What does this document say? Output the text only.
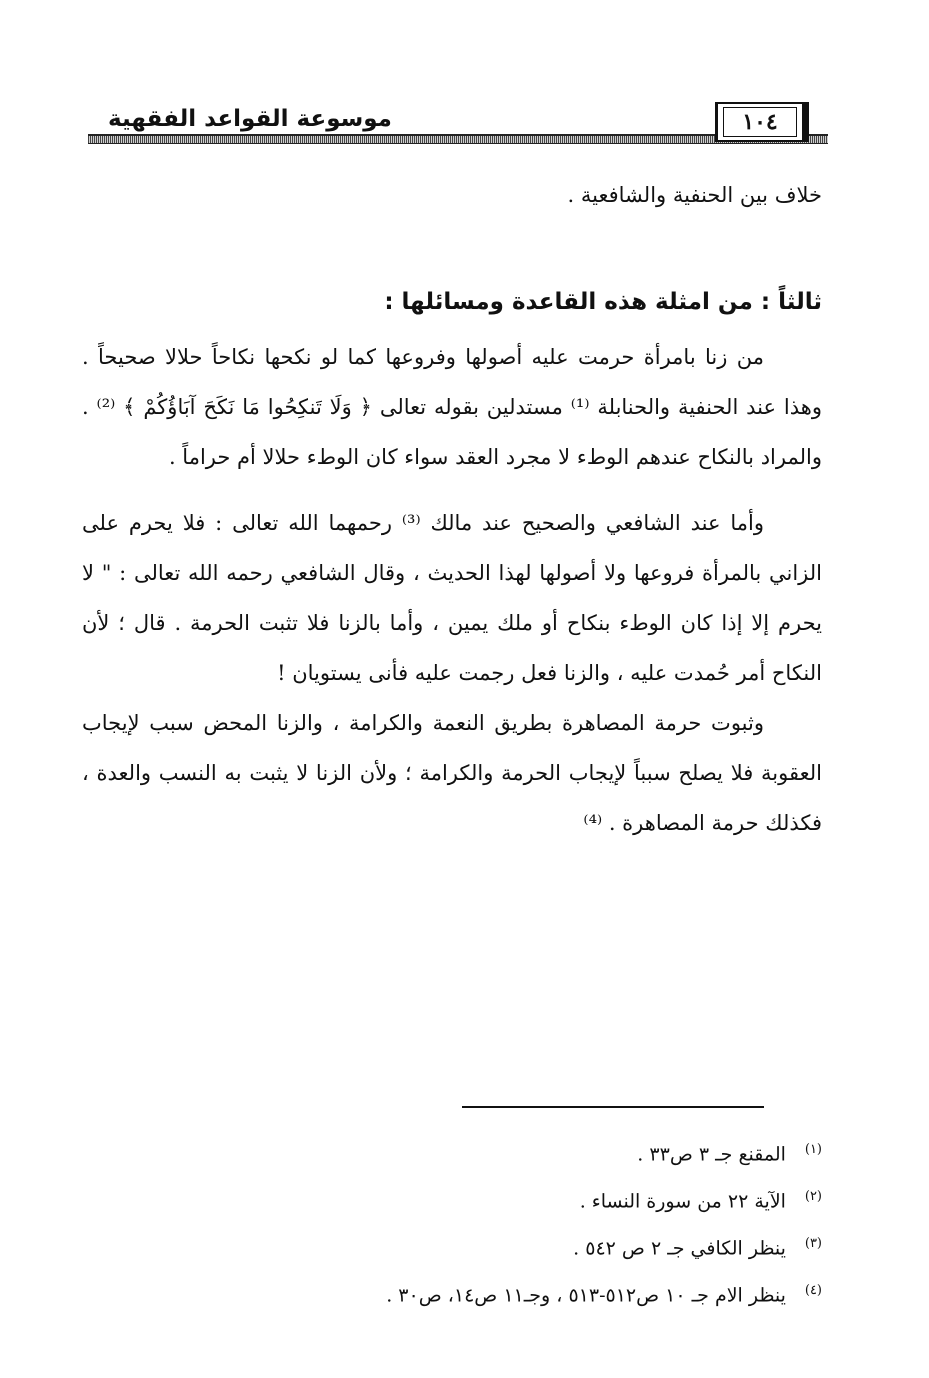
موسوعة القواعد الفقهية	١٠٤
خلاف بين الحنفية والشافعية .
ثالثاً : من امثلة هذه القاعدة ومسائلها :

من زنا بامرأة حرمت عليه أصولها وفروعها كما لو نكحها نكاحاً حلالا صحيحاً . وهذا عند الحنفية والحنابلة ⁽¹⁾ مستدلين بقوله تعالى ﴿ وَلَا تَنكِحُوا مَا نَكَحَ آبَاؤُكُمْ ﴾ ⁽²⁾ . والمراد بالنكاح عندهم الوطء لا مجرد العقد سواء كان الوطء حلالا أم حراماً .

وأما عند الشافعي والصحيح عند مالك ⁽³⁾ رحمهما الله تعالى : فلا يحرم على الزاني بالمرأة فروعها ولا أصولها لهذا الحديث ، وقال الشافعي رحمه الله تعالى : " لا يحرم إلا إذا كان الوطء بنكاح أو ملك يمين ، وأما بالزنا فلا تثبت الحرمة . قال ؛ لأن النكاح أمر حُمدت عليه ، والزنا فعل رجمت عليه فأنى يستويان !

وثبوت حرمة المصاهرة بطريق النعمة والكرامة ، والزنا المحض سبب لإيجاب العقوبة فلا يصلح سبباً لإيجاب الحرمة والكرامة ؛ ولأن الزنا لا يثبت به النسب والعدة ، فكذلك حرمة المصاهرة . ⁽⁴⁾

(١) المقنع جـ ٣ ص٣٣ .
(٢) الآية ٢٢ من سورة النساء .
(٣) ينظر الكافي جـ ٢ ص ٥٤٢ .
(٤) ينظر الام جـ ١٠ ص٥١٢-٥١٣ ، وجـ١١ ص١٤، ص٣٠ .
